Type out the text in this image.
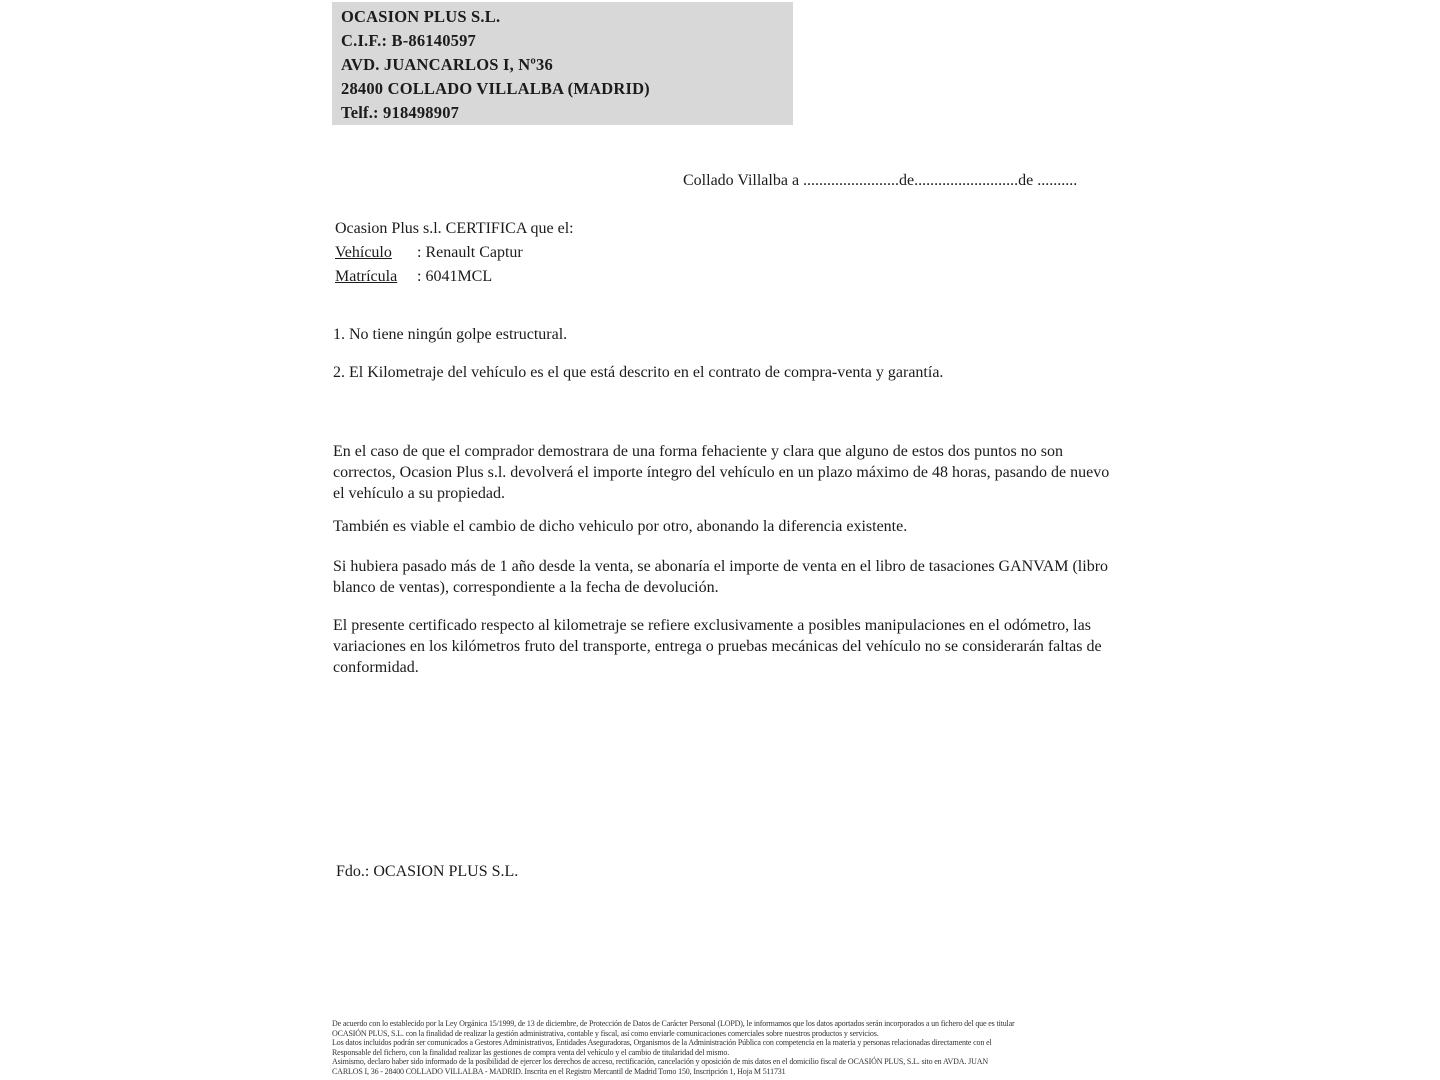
OCASION PLUS S.L.
C.I.F.: B-86140597
AVD. JUANCARLOS I, Nº36
28400 COLLADO VILLALBA (MADRID)
Telf.: 918498907
Collado Villalba a ........................de..........................de ..........
Ocasion Plus s.l. CERTIFICA que el:
Vehículo : Renault Captur
Matrícula : 6041MCL
1. No tiene ningún golpe estructural.
2. El Kilometraje del vehículo es el que está descrito en el contrato de compra-venta y garantía.
En el caso de que el comprador demostrara de una forma fehaciente y clara que alguno de estos dos puntos no son correctos, Ocasion Plus s.l. devolverá el importe íntegro del vehículo en un plazo máximo de 48 horas, pasando de nuevo el vehículo a su propiedad.
También es viable el cambio de dicho vehiculo por otro, abonando la diferencia existente.
Si hubiera pasado más de 1 año desde la venta, se abonaría el importe de venta en el libro de tasaciones GANVAM (libro blanco de ventas), correspondiente a la fecha de devolución.
El presente certificado respecto al kilometraje se refiere exclusivamente a posibles manipulaciones en el odómetro, las variaciones en los kilómetros fruto del transporte, entrega o pruebas mecánicas del vehículo no se considerarán faltas de conformidad.
Fdo.: OCASION PLUS S.L.
De acuerdo con lo establecido por la Ley Orgánica 15/1999, de 13 de diciembre, de Protección de Datos de Carácter Personal (LOPD), le informamos que los datos aportados serán incorporados a un fichero del que es titular
OCASIÓN PLUS, S.L. con la finalidad de realizar la gestión administrativa, contable y fiscal, así como enviarle comunicaciones comerciales sobre nuestros productos y servicios.
Los datos incluidos podrán ser comunicados a Gestores Administrativos, Entidades Aseguradoras, Organismos de la Administración Pública con competencia en la materia y personas relacionadas directamente con el
Responsable del fichero, con la finalidad realizar las gestiones de compra venta del vehículo y el cambio de titularidad del mismo.
Asimismo, declaro haber sido informado de la posibilidad de ejercer los derechos de acceso, rectificación, cancelación y oposición de mis datos en el domicilio fiscal de OCASIÓN PLUS, S.L. sito en AVDA. JUAN
CARLOS I, 36 - 28400 COLLADO VILLALBA - MADRID. Inscrita en el Registro Mercantil de Madrid Tomo 150, Inscripción 1, Hoja M 511731
